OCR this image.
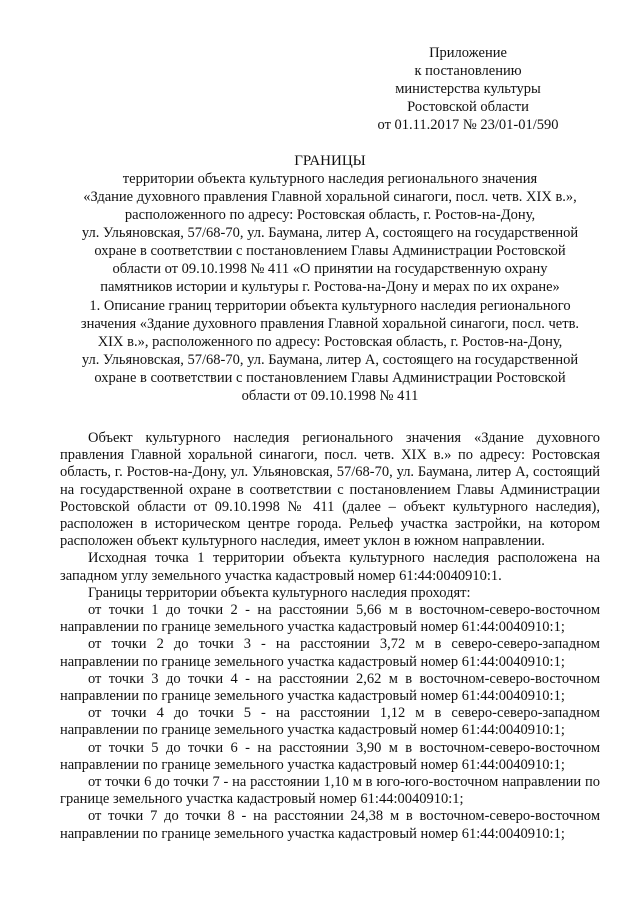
Приложение
к постановлению
министерства культуры
Ростовской области
от 01.11.2017 № 23/01-01/590
ГРАНИЦЫ
территории объекта культурного наследия регионального значения
«Здание духовного правления Главной хоральной синагоги, посл. четв. XIX в.»,
расположенного по адресу: Ростовская область, г. Ростов-на-Дону,
ул. Ульяновская, 57/68-70, ул. Баумана, литер А, состоящего на государственной
охране в соответствии с постановлением Главы Администрации Ростовской
области от 09.10.1998 № 411 «О принятии на государственную охрану
памятников истории и культуры г. Ростова-на-Дону и мерах по их охране»
1. Описание границ территории объекта культурного наследия регионального
значения «Здание духовного правления Главной хоральной синагоги, посл. четв.
XIX в.», расположенного по адресу: Ростовская область, г. Ростов-на-Дону,
ул. Ульяновская, 57/68-70, ул. Баумана, литер А, состоящего на государственной
охране в соответствии с постановлением Главы Администрации Ростовской
области от 09.10.1998 № 411

Объект культурного наследия регионального значения «Здание духовного правления Главной хоральной синагоги, посл. четв. XIX в.» по адресу: Ростовская область, г. Ростов-на-Дону, ул. Ульяновская, 57/68-70, ул. Баумана, литер А, состоящий на государственной охране в соответствии с постановлением Главы Администрации Ростовской области от 09.10.1998 № 411 (далее – объект культурного наследия), расположен в историческом центре города. Рельеф участка застройки, на котором расположен объект культурного наследия, имеет уклон в южном направлении.

Исходная точка 1 территории объекта культурного наследия расположена на западном углу земельного участка кадастровый номер 61:44:0040910:1.

Границы территории объекта культурного наследия проходят:

от точки 1 до точки 2 - на расстоянии 5,66 м в восточном-северо-восточном направлении по границе земельного участка кадастровый номер 61:44:0040910:1;

от точки 2 до точки 3 - на расстоянии 3,72 м в северо-северо-западном направлении по границе земельного участка кадастровый номер 61:44:0040910:1;

от точки 3 до точки 4 - на расстоянии 2,62 м в восточном-северо-восточном направлении по границе земельного участка кадастровый номер 61:44:0040910:1;

от точки 4 до точки 5 - на расстоянии 1,12 м в северо-северо-западном направлении по границе земельного участка кадастровый номер 61:44:0040910:1;

от точки 5 до точки 6 - на расстоянии 3,90 м в восточном-северо-восточном направлении по границе земельного участка кадастровый номер 61:44:0040910:1;

от точки 6 до точки 7 - на расстоянии 1,10 м в юго-юго-восточном направлении по границе земельного участка кадастровый номер 61:44:0040910:1;

от точки 7 до точки 8 - на расстоянии 24,38 м в восточном-северо-восточном направлении по границе земельного участка кадастровый номер 61:44:0040910:1;
